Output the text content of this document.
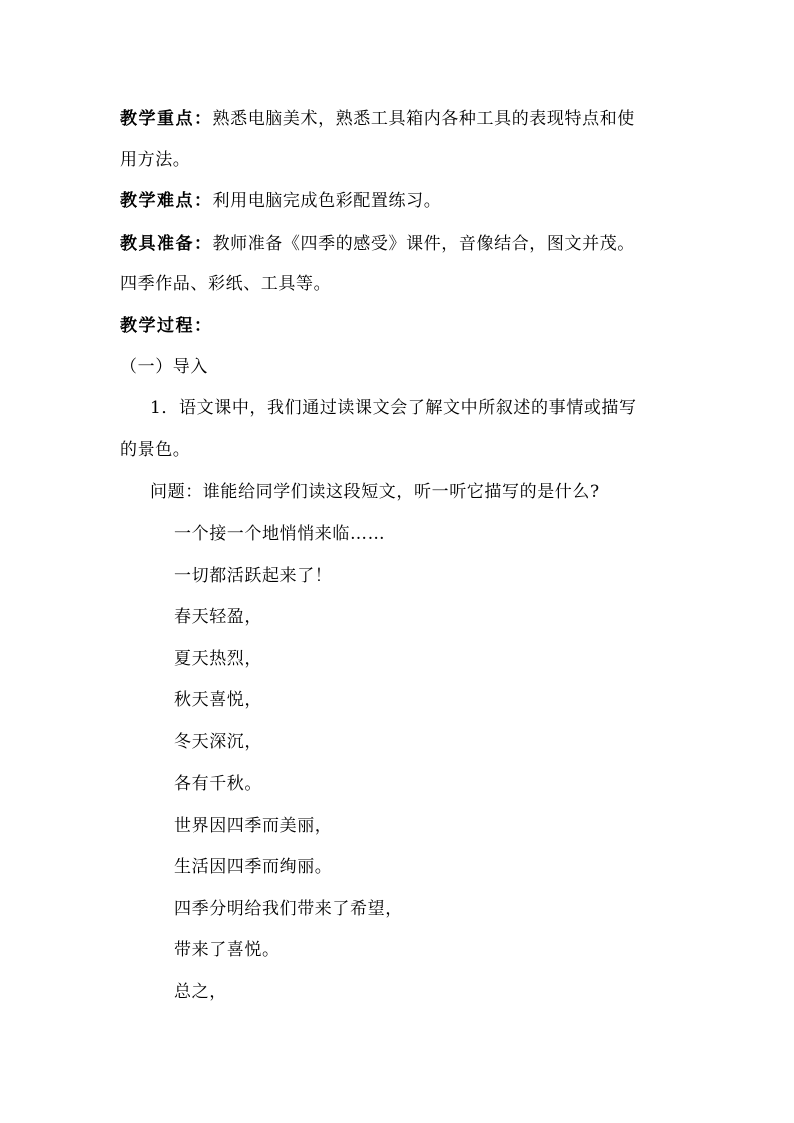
教学重点：熟悉电脑美术，熟悉工具箱内各种工具的表现特点和使
用方法。
教学难点：利用电脑完成色彩配置练习。
教具准备：教师准备《四季的感受》课件，音像结合，图文并茂。
四季作品、彩纸、工具等。
教学过程：
（一）导入
1．语文课中，我们通过读课文会了解文中所叙述的事情或描写
的景色。
问题：谁能给同学们读这段短文，听一听它描写的是什么?
一个接一个地悄悄来临……
一切都活跃起来了！
春天轻盈，
夏天热烈，
秋天喜悦，
冬天深沉，
各有千秋。
世界因四季而美丽，
生活因四季而绚丽。
四季分明给我们带来了希望，
带来了喜悦。
总之，
